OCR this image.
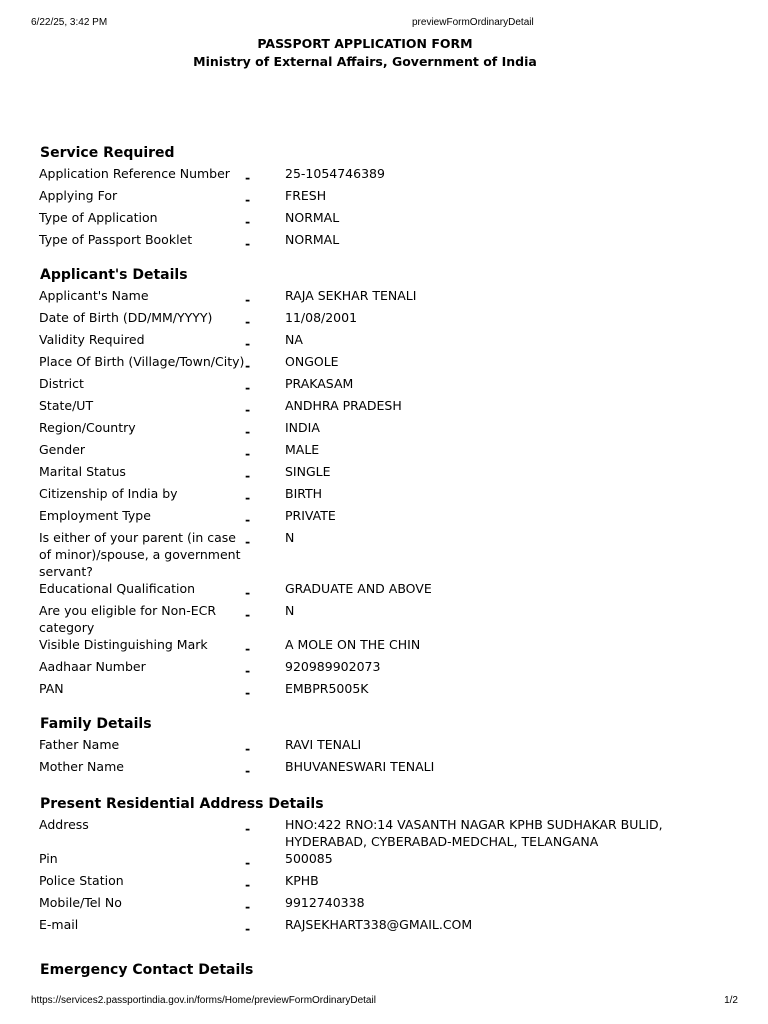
6/22/25, 3:42 PM	previewFormOrdinaryDetail
PASSPORT APPLICATION FORM
Ministry of External Affairs, Government of India
Service Required
Application Reference Number	-	25-1054746389
Applying For	-	FRESH
Type of Application	-	NORMAL
Type of Passport Booklet	-	NORMAL
Applicant's Details
Applicant's Name	-	RAJA SEKHAR TENALI
Date of Birth (DD/MM/YYYY)	-	11/08/2001
Validity Required	-	NA
Place Of Birth (Village/Town/City) -	ONGOLE
District	-	PRAKASAM
State/UT	-	ANDHRA PRADESH
Region/Country	-	INDIA
Gender	-	MALE
Marital Status	-	SINGLE
Citizenship of India by	-	BIRTH
Employment Type	-	PRIVATE
Is either of your parent (in case of minor)/spouse, a government servant?
-	N
Educational Qualification	-	GRADUATE AND ABOVE
Are you eligible for Non-ECR category
-	N
Visible Distinguishing Mark	-	A MOLE ON THE CHIN
Aadhaar Number	-	920989902073
PAN	-	EMBPR5005K
Family Details
Father Name	-	RAVI TENALI
Mother Name	-	BHUVANESWARI TENALI
Present Residential Address Details
Address	-	HNO:422 RNO:14 VASANTH NAGAR KPHB SUDHAKAR BULID, HYDERABAD, CYBERABAD-MEDCHAL, TELANGANA
Pin	-	500085
Police Station	-	KPHB
Mobile/Tel No	-	9912740338
E-mail	-	RAJSEKHART338@GMAIL.COM
Emergency Contact Details
https://services2.passportindia.gov.in/forms/Home/previewFormOrdinaryDetail	1/2
